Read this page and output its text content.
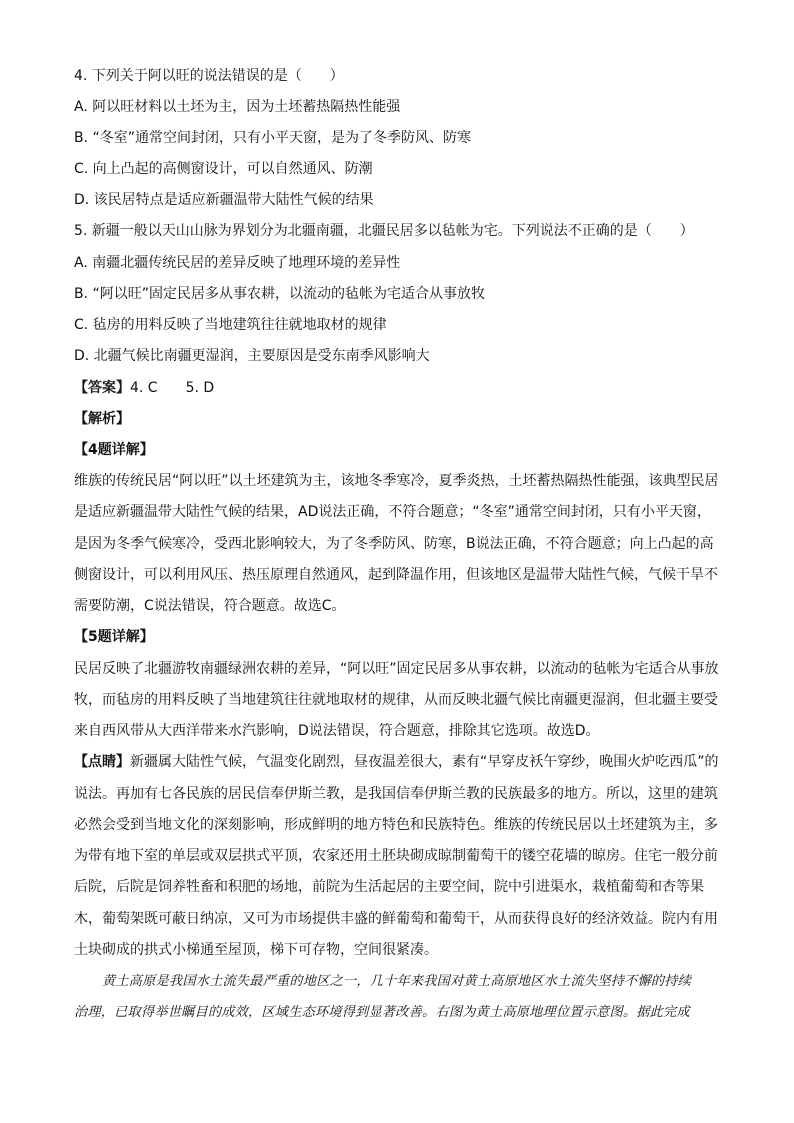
4. 下列关于阿以旺的说法错误的是（　　）
A. 阿以旺材料以土坯为主，因为土坯蓄热隔热性能强
B. “冬室”通常空间封闭，只有小平天窗，是为了冬季防风、防寒
C. 向上凸起的高侧窗设计，可以自然通风、防潮
D. 该民居特点是适应新疆温带大陆性气候的结果
5. 新疆一般以天山山脉为界划分为北疆南疆，北疆民居多以毡帐为宅。下列说法不正确的是（　　）
A. 南疆北疆传统民居的差异反映了地理环境的差异性
B. “阿以旺”固定民居多从事农耕，以流动的毡帐为宅适合从事放牧
C. 毡房的用料反映了当地建筑往往就地取材的规律
D. 北疆气候比南疆更湿润，主要原因是受东南季风影响大
【答案】4. C　　5. D
【解析】
【4题详解】
维族的传统民居“阿以旺”以土坯建筑为主，该地冬季寒冷，夏季炎热，土坯蓄热隔热性能强，该典型民居
是适应新疆温带大陆性气候的结果，AD说法正确，不符合题意；“冬室”通常空间封闭，只有小平天窗，
是因为冬季气候寒冷，受西北影响较大，为了冬季防风、防寒，B说法正确，不符合题意；向上凸起的高
侧窗设计，可以利用风压、热压原理自然通风，起到降温作用，但该地区是温带大陆性气候，气候干旱不
需要防潮，C说法错误，符合题意。故选C。
【5题详解】
民居反映了北疆游牧南疆绿洲农耕的差异，“阿以旺”固定民居多从事农耕，以流动的毡帐为宅适合从事放
牧，而毡房的用料反映了当地建筑往往就地取材的规律，从而反映北疆气候比南疆更湿润，但北疆主要受
来自西风带从大西洋带来水汽影响，D说法错误，符合题意，排除其它选项。故选D。
【点睛】新疆属大陆性气候，气温变化剧烈，昼夜温差很大，素有“早穿皮袄午穿纱，晚围火炉吃西瓜”的
说法。再加有七各民族的居民信奉伊斯兰教，是我国信奉伊斯兰教的民族最多的地方。所以，这里的建筑
必然会受到当地文化的深刻影响，形成鲜明的地方特色和民族特色。维族的传统民居以土坯建筑为主，多
为带有地下室的单层或双层拱式平顶，农家还用土胚块砌成晾制葡萄干的镂空花墙的晾房。住宅一般分前
后院，后院是饲养牲畜和积肥的场地，前院为生活起居的主要空间，院中引进渠水，栽植葡萄和杏等果
木，葡萄架既可蔽日纳凉，又可为市场提供丰盛的鲜葡萄和葡萄干，从而获得良好的经济效益。院内有用
土块砌成的拱式小梯通至屋顶，梯下可存物，空间很紧凑。
黄土高原是我国水土流失最严重的地区之一，几十年来我国对黄土高原地区水土流失坚持不懈的持续
治理，已取得举世瞩目的成效，区域生态环境得到显著改善。右图为黄土高原地理位置示意图。据此完成
